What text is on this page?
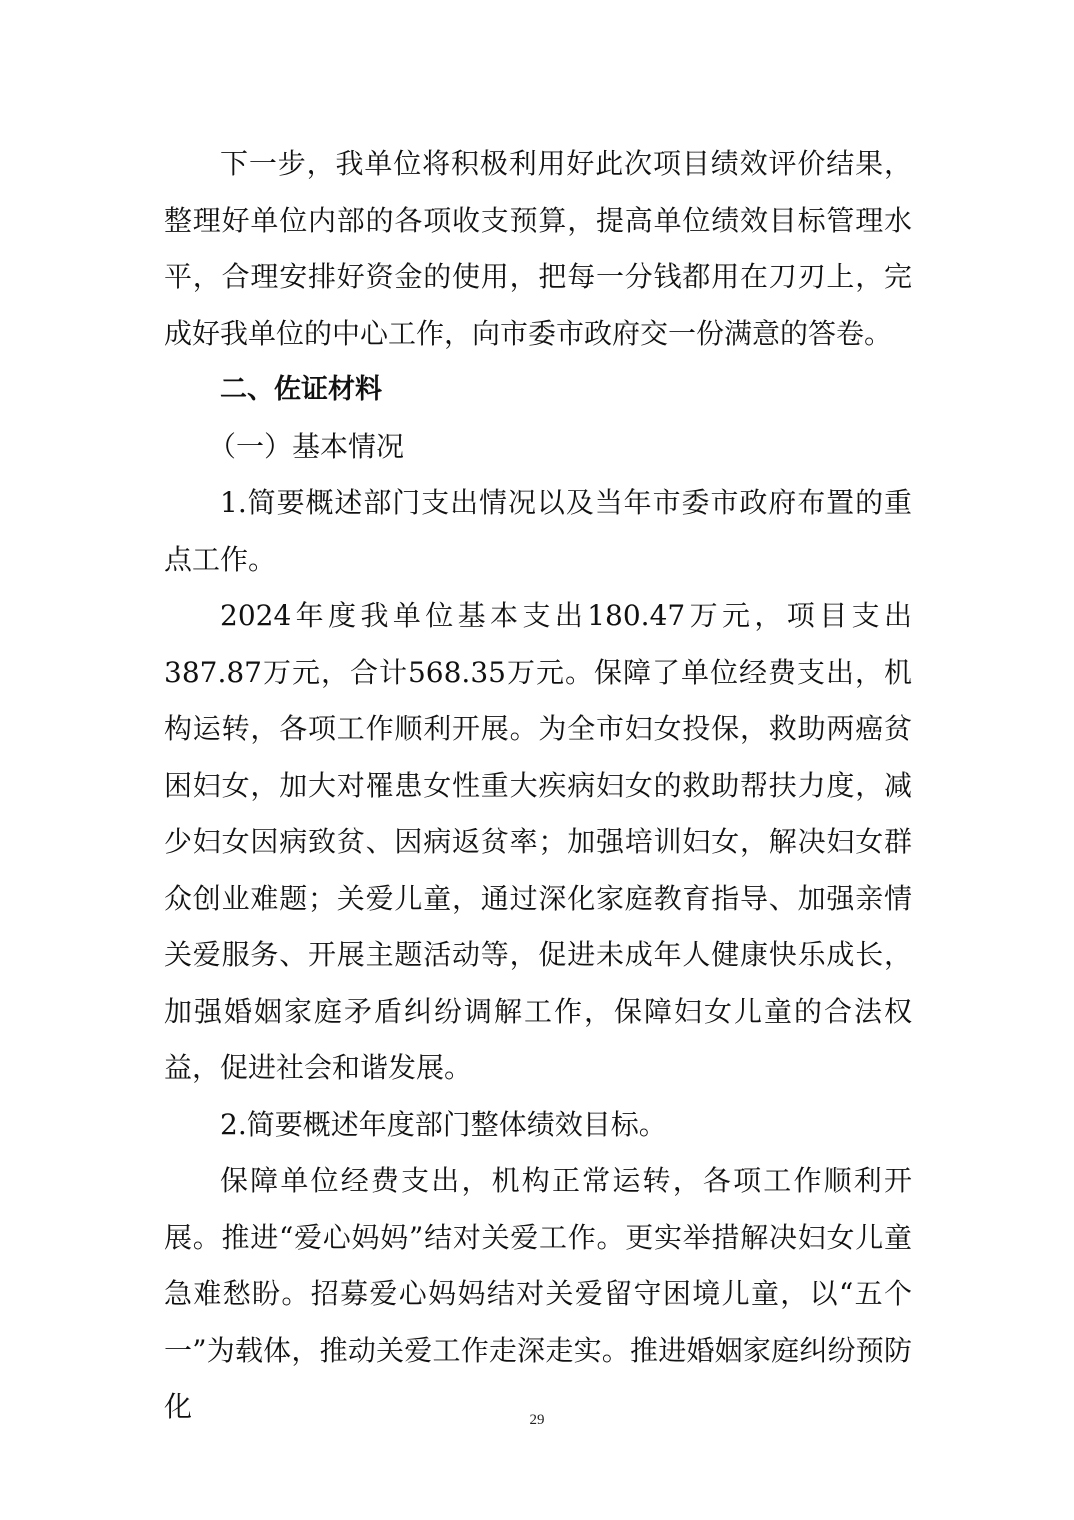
下一步，我单位将积极利用好此次项目绩效评价结果，整理好单位内部的各项收支预算，提高单位绩效目标管理水平，合理安排好资金的使用，把每一分钱都用在刀刃上，完成好我单位的中心工作，向市委市政府交一份满意的答卷。

二、佐证材料

（一）基本情况

1.简要概述部门支出情况以及当年市委市政府布置的重点工作。

2024年度我单位基本支出180.47万元，项目支出387.87万元，合计568.35万元。保障了单位经费支出，机构运转，各项工作顺利开展。为全市妇女投保，救助两癌贫困妇女，加大对罹患女性重大疾病妇女的救助帮扶力度，减少妇女因病致贫、因病返贫率；加强培训妇女，解决妇女群众创业难题；关爱儿童，通过深化家庭教育指导、加强亲情关爱服务、开展主题活动等，促进未成年人健康快乐成长，加强婚姻家庭矛盾纠纷调解工作，保障妇女儿童的合法权益，促进社会和谐发展。

2.简要概述年度部门整体绩效目标。

保障单位经费支出，机构正常运转，各项工作顺利开展。推进“爱心妈妈”结对关爱工作。更实举措解决妇女儿童急难愁盼。招募爱心妈妈结对关爱留守困境儿童，以“五个一”为载体，推动关爱工作走深走实。推进婚姻家庭纠纷预防化	29
